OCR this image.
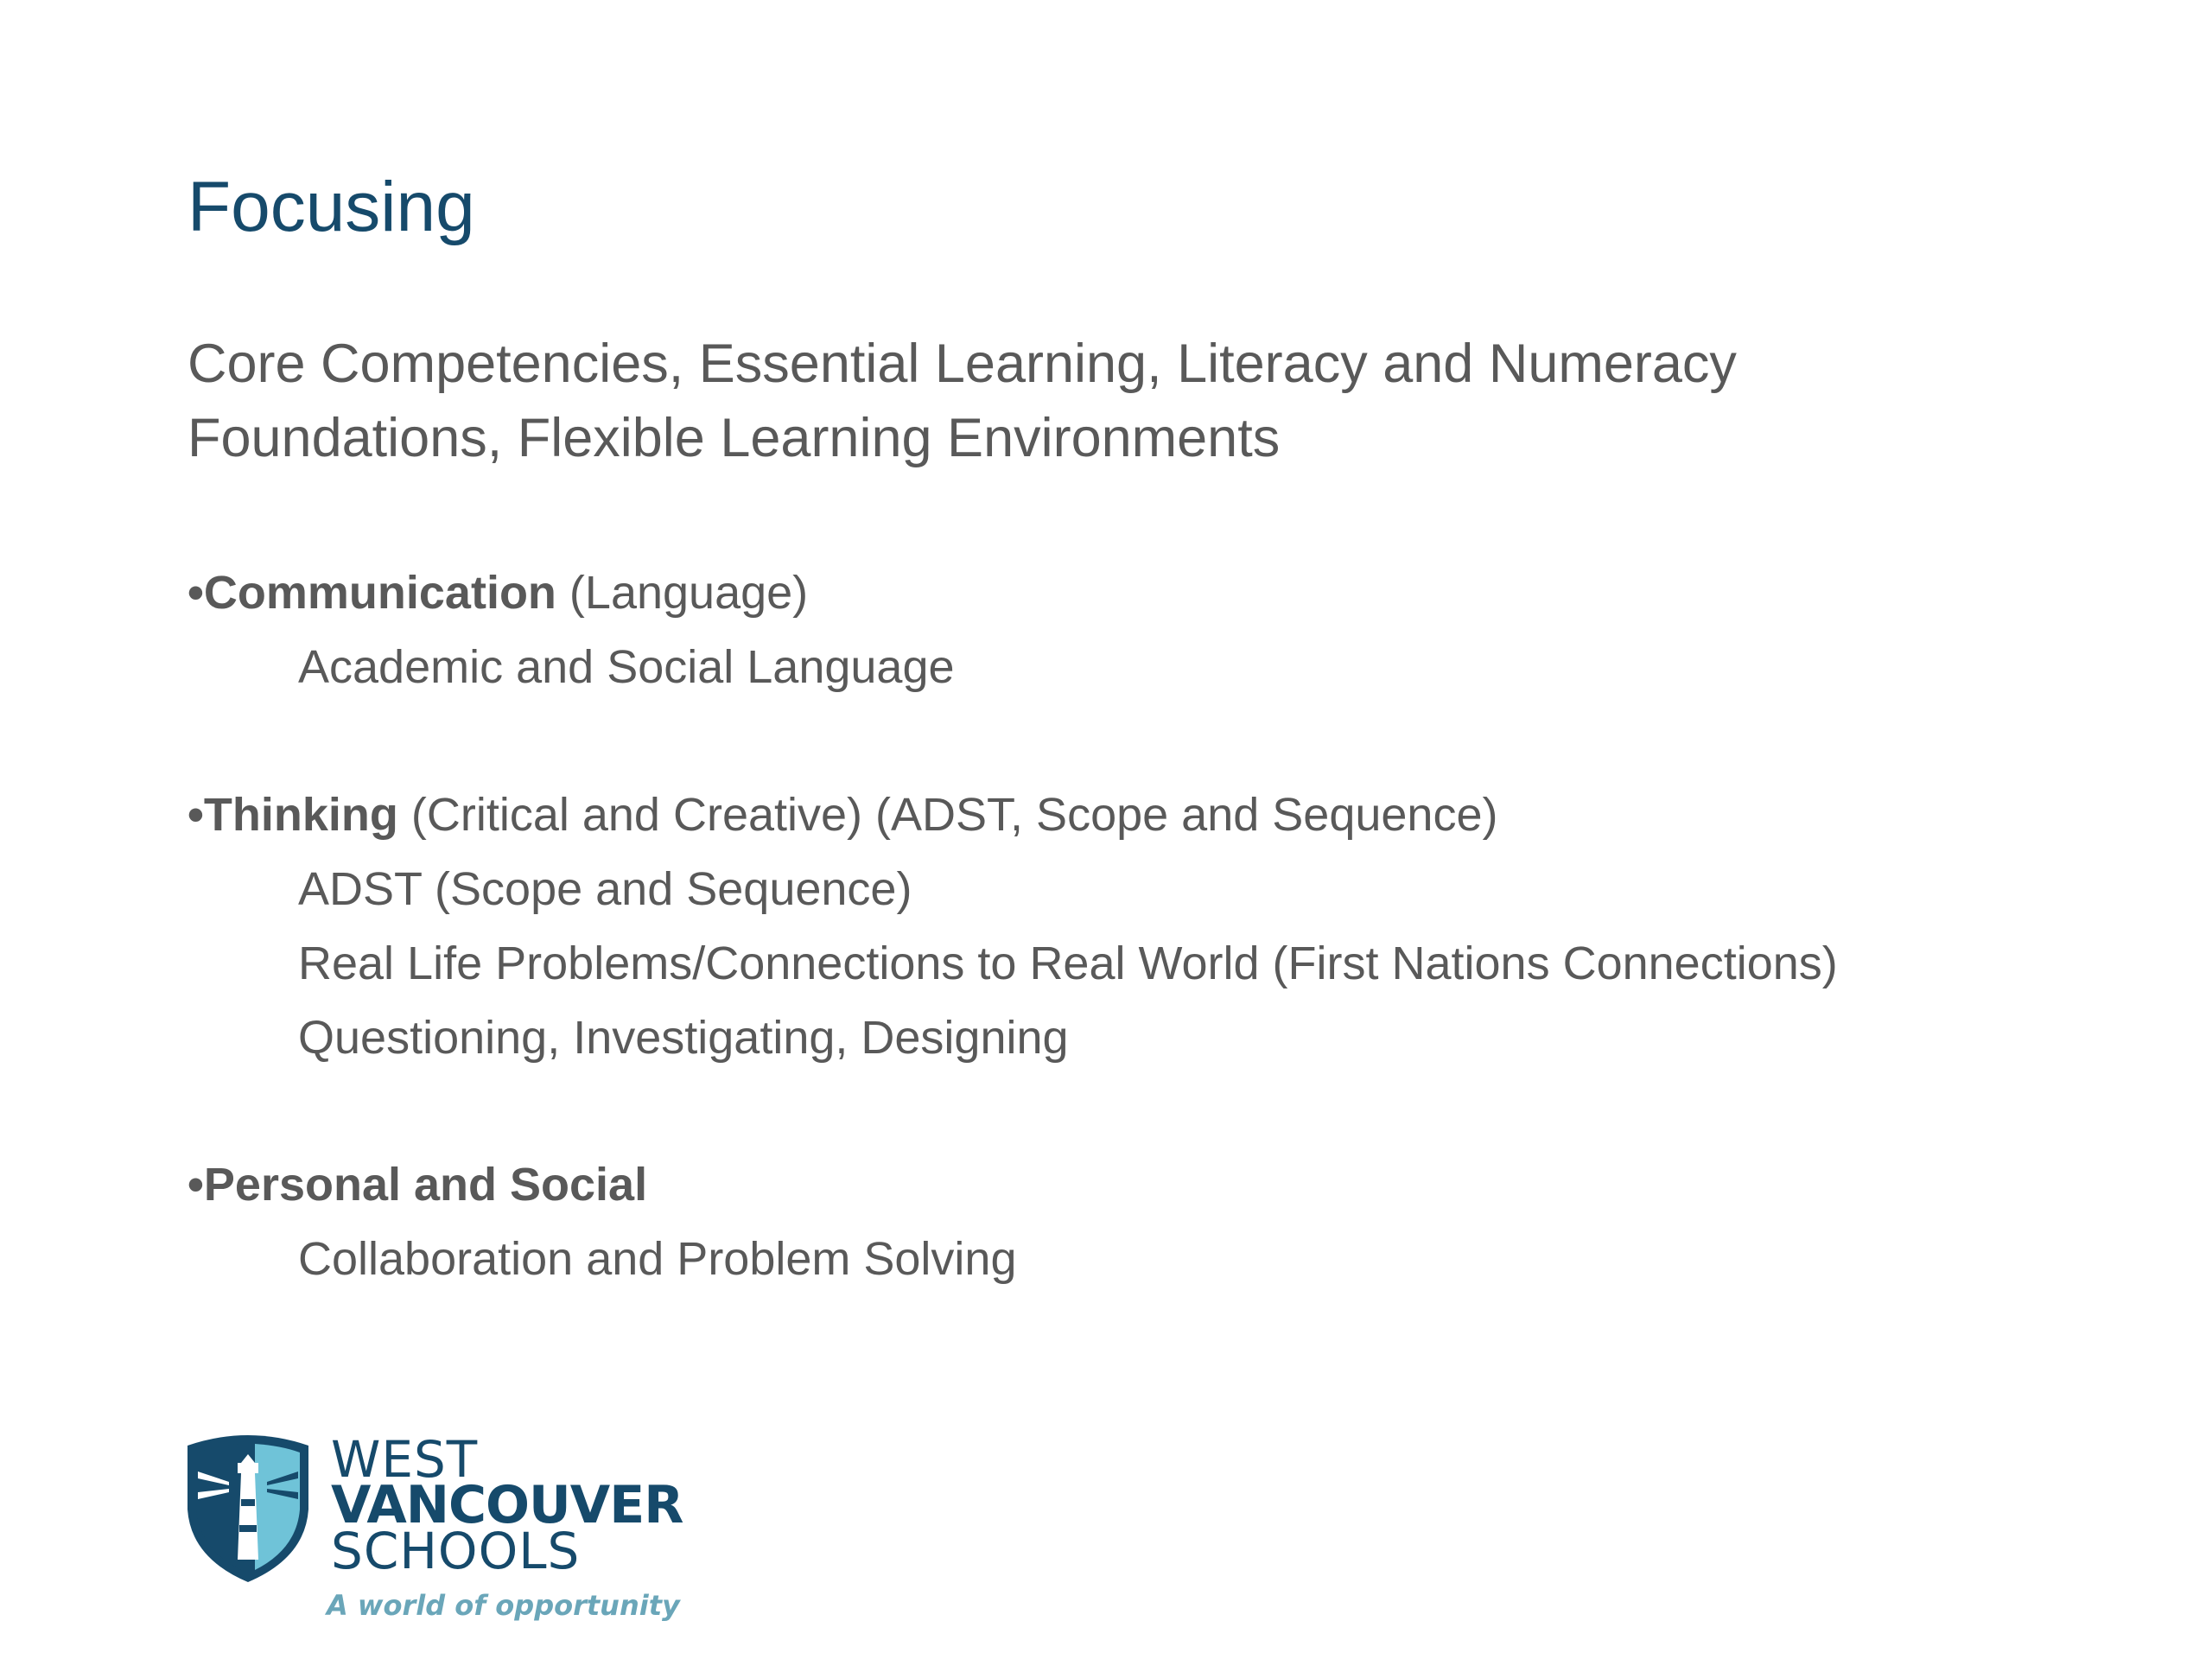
Focusing
Core Competencies, Essential Learning, Literacy and Numeracy
Foundations, Flexible Learning Environments
•Communication (Language)
Academic and Social Language
•Thinking (Critical and Creative) (ADST, Scope and Sequence)
ADST (Scope and Sequence)
Real Life Problems/Connections to Real World (First Nations Connections)
Questioning, Investigating, Designing
•Personal and Social
Collaboration and Problem Solving
WEST
VANCOUVER
SCHOOLS
A world of opportunity
